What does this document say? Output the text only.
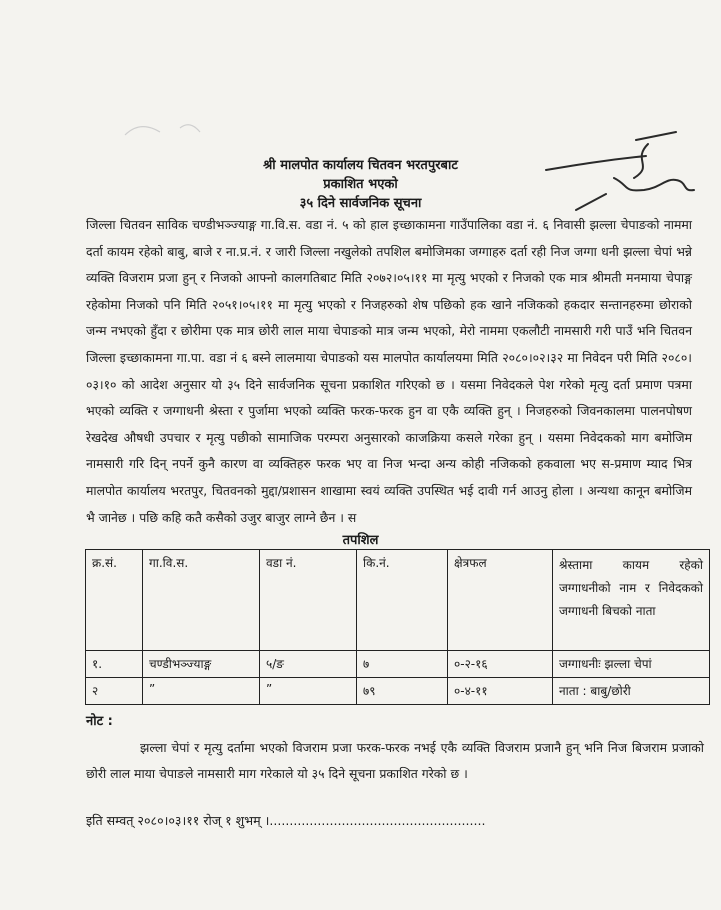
श्री मालपोत कार्यालय चितवन भरतपुरबाट
प्रकाशित भएको
३५ दिने सार्वजनिक सूचना

जिल्ला चितवन साविक चण्डीभञ्ज्याङ्ग गा.वि.स. वडा नं. ५ को हाल इच्छाकामना गाउँपालिका वडा नं. ६ निवासी झल्ला चेपाङको नाममा दर्ता कायम रहेको बाबु, बाजे र ना.प्र.नं. र जारी जिल्ला नखुलेको तपशिल बमोजिमका जग्गाहरु दर्ता रही निज जग्गा धनी झल्ला चेपां भन्ने व्यक्ति विजराम प्रजा हुन् र निजको आफ्नो कालगतिबाट मिति २०७२।०५।११ मा मृत्यु भएको र निजको एक मात्र श्रीमती मनमाया चेपाङ्ग रहेकोमा निजको पनि मिति २०५१।०५।११ मा मृत्यु भएको र निजहरुको शेष पछिको हक खाने नजिकको हकदार सन्तानहरुमा छोराको जन्म नभएको हुँदा र छोरीमा एक मात्र छोरी लाल माया चेपाङको मात्र जन्म भएको, मेरो नाममा एकलौटी नामसारी गरी पाउँ भनि चितवन जिल्ला इच्छाकामना गा.पा. वडा नं ६ बस्ने लालमाया चेपाङको यस मालपोत कार्यालयमा मिति २०८०।०२।३२ मा निवेदन परी मिति २०८०।०३।१० को आदेश अनुसार यो ३५ दिने सार्वजनिक सूचना प्रकाशित गरिएको छ । यसमा निवेदकले पेश गरेको मृत्यु दर्ता प्रमाण पत्रमा भएको व्यक्ति र जग्गाधनी श्रेस्ता र पुर्जामा भएको व्यक्ति फरक-फरक हुन वा एकै व्यक्ति हुन् । निजहरुको जिवनकालमा पालनपोषण रेखदेख औषधी उपचार र मृत्यु पछीको सामाजिक परम्परा अनुसारको काजक्रिया कसले गरेका हुन् । यसमा निवेदकको माग बमोजिम नामसारी गरि दिन् नपर्ने कुनै कारण वा व्यक्तिहरु फरक भए वा निज भन्दा अन्य कोही नजिकको हकवाला भए स-प्रमाण म्याद भित्र मालपोत कार्यालय भरतपुर, चितवनको मुद्दा/प्रशासन शाखामा स्वयं व्यक्ति उपस्थित भई दावी गर्न आउनु होला । अन्यथा कानून बमोजिम भै जानेछ । पछि कहि कतै कसैको उजुर बाजुर लाग्ने छैन । स

तपशिल
क्र.सं.	गा.वि.स.	वडा नं.	कि.नं.	क्षेत्रफल	श्रेस्तामा कायम रहेको जग्गाधनीको नाम र निवेदकको जग्गाधनी बिचको नाता
१.	चण्डीभञ्ज्याङ्ग	५/ङ	७	०-२-१६	जग्गाधनीः झल्ला चेपां
२	”	”	७९	०-४-११	नाता : बाबु/छोरी
नोट :
झल्ला चेपां र मृत्यु दर्तामा भएको विजराम प्रजा फरक-फरक नभई एकै व्यक्ति विजराम प्रजानै हुन् भनि निज बिजराम प्रजाको छोरी लाल माया चेपाङले नामसारी माग गरेकाले यो ३५ दिने सूचना प्रकाशित गरेको छ ।
इति सम्वत् २०८०।०३।११ रोज् १ शुभम् ।......................................................
